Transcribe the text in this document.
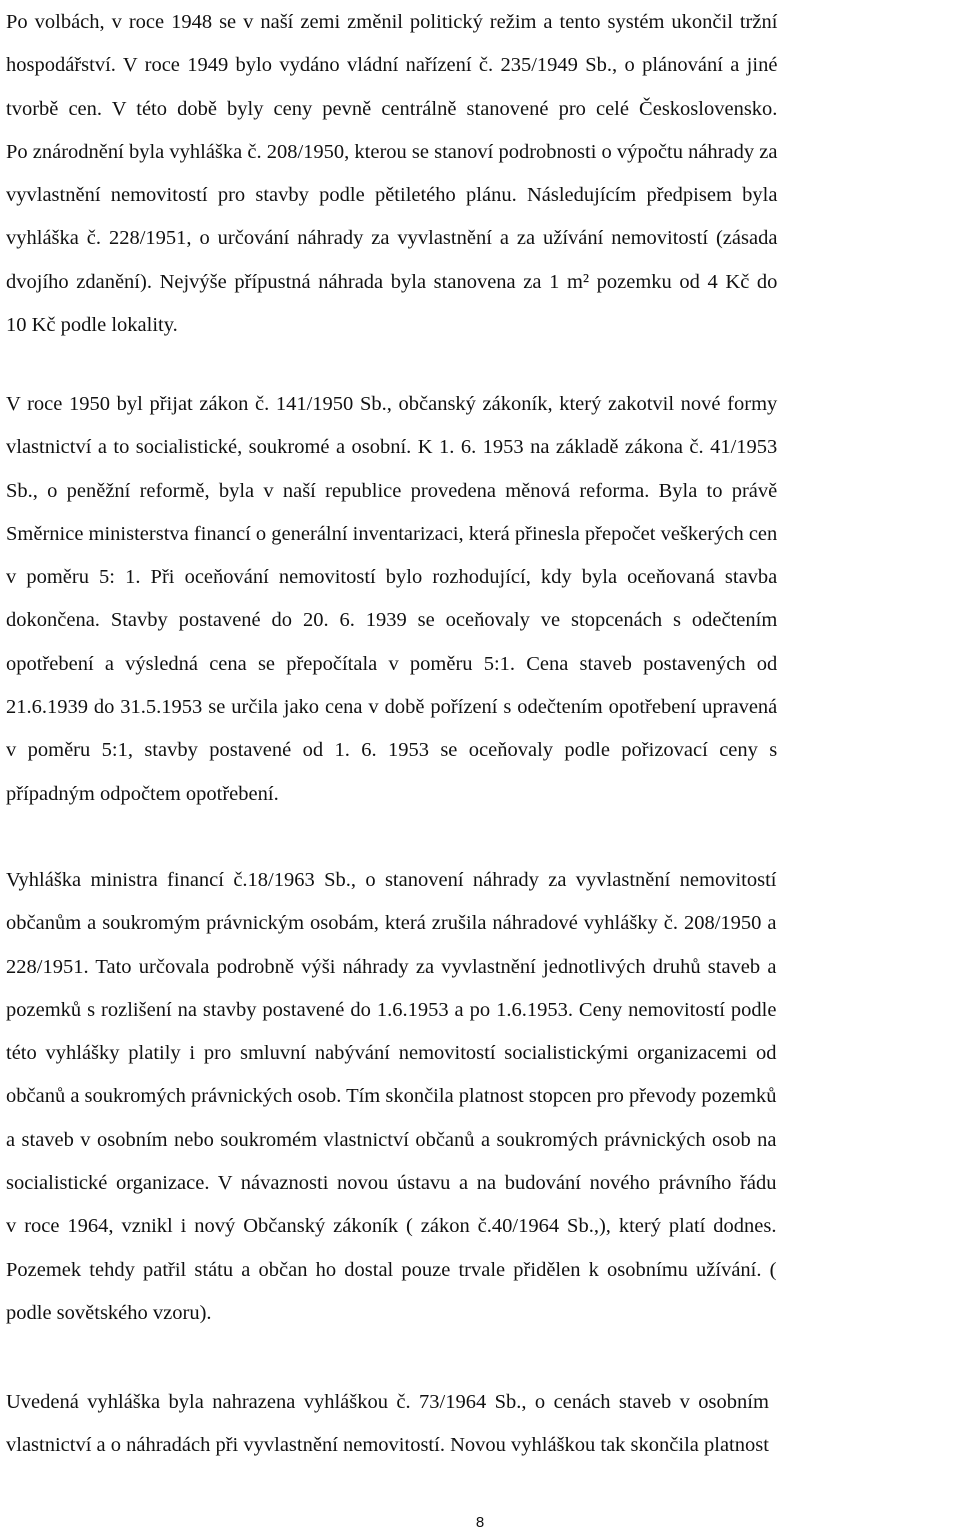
Po volbách, v roce 1948 se v naší zemi změnil politický režim a tento systém ukončil tržní
hospodářství. V roce 1949 bylo vydáno vládní nařízení č. 235/1949 Sb., o plánování a jiné
tvorbě cen. V této době byly ceny pevně centrálně stanovené pro celé Československo.
Po znárodnění byla vyhláška č. 208/1950, kterou se stanoví podrobnosti o výpočtu náhrady za
vyvlastnění nemovitostí pro stavby podle pětiletého plánu. Následujícím předpisem byla
vyhláška č. 228/1951, o určování náhrady za vyvlastnění a za užívání nemovitostí (zásada
dvojího zdanění). Nejvýše přípustná náhrada byla stanovena za 1 m² pozemku od 4 Kč do
10 Kč podle lokality.
V roce 1950 byl přijat zákon č. 141/1950 Sb., občanský zákoník, který zakotvil nové formy
vlastnictví a to socialistické, soukromé a osobní. K 1. 6. 1953 na základě zákona č. 41/1953
Sb., o peněžní reformě, byla v naší republice provedena měnová reforma. Byla to právě
Směrnice ministerstva financí o generální inventarizaci, která přinesla přepočet veškerých cen
v poměru 5: 1. Při oceňování nemovitostí bylo rozhodující, kdy byla oceňovaná stavba
dokončena. Stavby postavené do 20. 6. 1939 se oceňovaly ve stopcenách s odečtením
opotřebení a výsledná cena se přepočítala v poměru 5:1. Cena staveb postavených od
21.6.1939 do 31.5.1953 se určila jako cena v době pořízení s odečtením opotřebení upravená
v poměru 5:1, stavby postavené od 1. 6. 1953 se oceňovaly podle pořizovací ceny s
případným odpočtem opotřebení.
Vyhláška ministra financí č.18/1963 Sb., o stanovení náhrady za vyvlastnění nemovitostí
občanům a soukromým právnickým osobám, která zrušila náhradové vyhlášky č. 208/1950 a
228/1951. Tato určovala podrobně výši náhrady za vyvlastnění jednotlivých druhů staveb a
pozemků s rozlišení na stavby postavené do 1.6.1953 a po 1.6.1953. Ceny nemovitostí podle
této vyhlášky platily i pro smluvní nabývání nemovitostí socialistickými organizacemi od
občanů a soukromých právnických osob. Tím skončila platnost stopcen pro převody pozemků
a staveb v osobním nebo soukromém vlastnictví občanů a soukromých právnických osob na
socialistické organizace. V návaznosti novou ústavu a na budování nového právního řádu
v roce 1964, vznikl i nový Občanský zákoník ( zákon č.40/1964 Sb.,), který platí dodnes.
Pozemek tehdy patřil státu a občan ho dostal pouze trvale přidělen k osobnímu užívání. (
podle sovětského vzoru).
Uvedená vyhláška byla nahrazena vyhláškou č. 73/1964 Sb., o cenách staveb v osobním
vlastnictví a o náhradách při vyvlastnění nemovitostí. Novou vyhláškou tak skončila platnost
8
